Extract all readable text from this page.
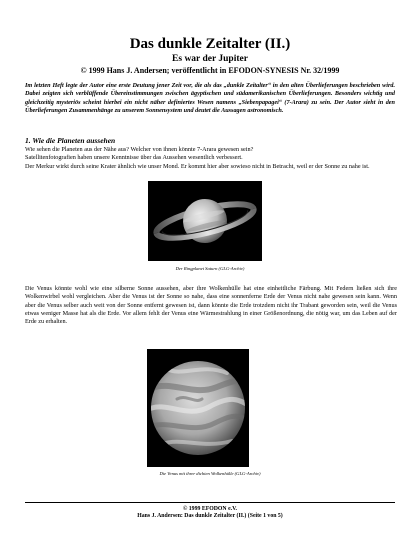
Das dunkle Zeitalter (II.)
Es war der Jupiter
© 1999 Hans J. Andersen; veröffentlicht in EFODON-SYNESIS Nr. 32/1999

Im letzten Heft legte der Autor eine erste Deutung jener Zeit vor, die als das „dunkle Zeitalter“ in den alten Überlieferungen beschrieben wird. Dabei zeigten sich verblüffende Übereinstimmungen zwischen ägyptischen und südamerikanischen Überlieferungen. Besonders wichtig und gleichzeitig mysteriös scheint hierbei ein nicht näher definiertes Wesen namens „Siebenpapagei“ (7-Arara) zu sein. Der Autor sieht in den Überlieferungen Zusammenhänge zu unserem Sonnensystem und deutet die Aussagen astronomisch.

1. Wie die Planeten aussehen
Wie sehen die Planeten aus der Nähe aus? Welcher von ihnen könnte 7-Arara gewesen sein?
Satellitenfotografien haben unsere Kenntnisse über das Aussehen wesentlich verbessert.
Der Merkur wirkt durch seine Krater ähnlich wie unser Mond. Er kommt hier aber sowieso nicht in Betracht, weil er der Sonne zu nahe ist.
Der Ringplanet Saturn (GLG-Archiv)

Die Venus könnte wohl wie eine silberne Sonne aussehen, aber ihre Wolkenhülle hat eine einheitliche Färbung. Mit Federn ließen sich ihre Wolkenwirbel wohl vergleichen. Aber die Venus ist der Sonne so nahe, dass eine sonnenferne Erde der Venus nicht nahe gewesen sein kann. Wenn aber die Venus selber auch weit von der Sonne entfernt gewesen ist, dann könnte die Erde trotzdem nicht ihr Trabant geworden sein, weil die Venus etwas weniger Masse hat als die Erde. Vor allem fehlt der Venus eine Wärmestrahlung in einer Größenordnung, die nötig war, um das Leben auf der Erde zu erhalten.

Die Venus mit ihrer dichten Wolkenhülle (GLG-Archiv)
© 1999 EFODON e.V.
Hans J. Andersen: Das dunkle Zeitalter (II.) (Seite 1 von 5)
